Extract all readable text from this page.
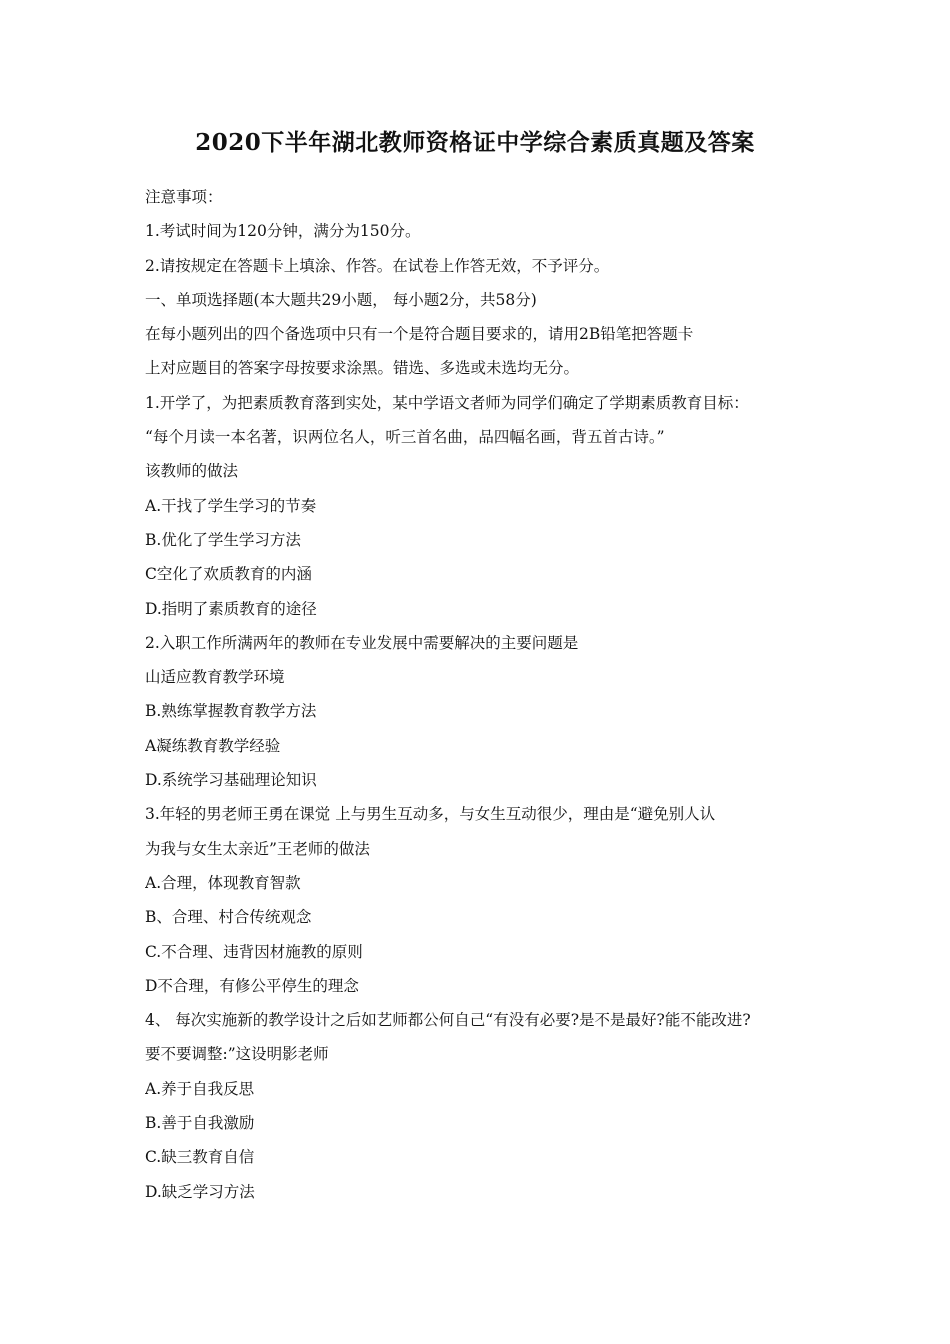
2020下半年湖北教师资格证中学综合素质真题及答案
注意事项：
1.考试时间为120分钟，满分为150分。
2.请按规定在答题卡上填涂、作答。在试卷上作答无效，不予评分。
一、单项选择题(本大题共29小题， 每小题2分，共58分)
在每小题列出的四个备选项中只有一个是符合题目要求的，请用2B铅笔把答题卡
上对应题目的答案字母按要求涂黑。错选、多选或未选均无分。
1.开学了，为把素质教育落到实处，某中学语文者师为同学们确定了学期素质教育目标：
“每个月读一本名著，识两位名人，听三首名曲，品四幅名画，背五首古诗。”
该教师的做法
A.干找了学生学习的节奏
B.优化了学生学习方法
C空化了欢质教育的内涵
D.指明了素质教育的途径
2.入职工作所满两年的教师在专业发展中需要解决的主要问题是
山适应教育教学环境
B.熟练掌握教育教学方法
A凝练教育教学经验
D.系统学习基础理论知识
3.年轻的男老师王勇在课觉 上与男生互动多，与女生互动很少，理由是“避免别人认
为我与女生太亲近”王老师的做法
A.合理，体现教育智款
B、合理、村合传统观念
C.不合理、违背因材施教的原则
D不合理，有修公平停生的理念
4、 每次实施新的教学设计之后如艺师都公何自己“有没有必要?是不是最好?能不能改进?
要不要调整:”这设明影老师
A.养于自我反思
B.善于自我激励
C.缺三教育自信
D.缺乏学习方法
